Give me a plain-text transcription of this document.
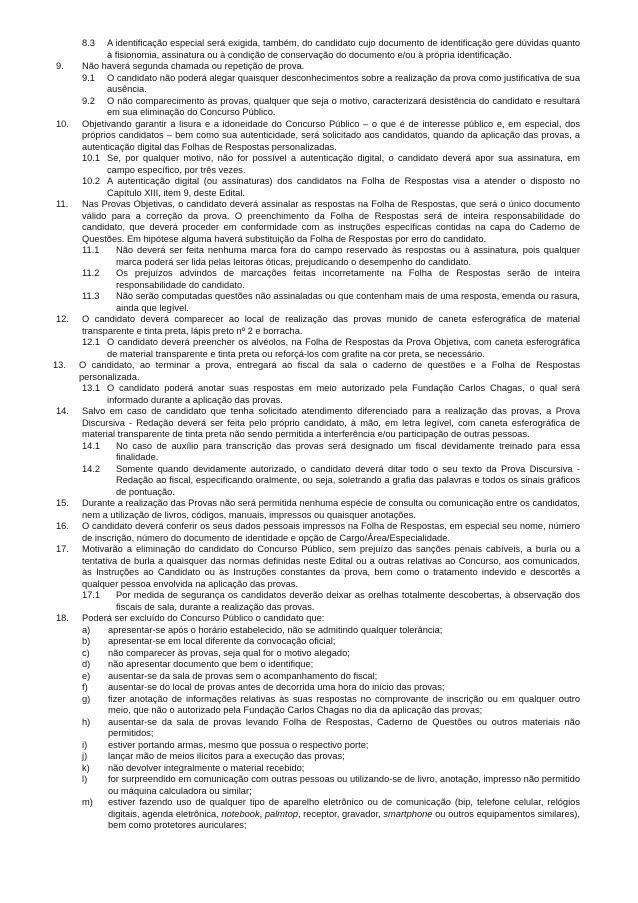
8.3	A identificação especial será exigida, também, do candidato cujo documento de identificação gere dúvidas quanto à fisionomia, assinatura ou à condição de conservação do documento e/ou à própria identificação.
9.	Não haverá segunda chamada ou repetição de prova.
9.1	O candidato não poderá alegar quaisquer desconhecimentos sobre a realização da prova como justificativa de sua ausência.
9.2	O não comparecimento às provas, qualquer que seja o motivo, caracterizará desistência do candidato e resultará em sua eliminação do Concurso Público.
10.	Objetivando garantir a lisura e a idoneidade do Concurso Público – o que é de interesse público e, em especial, dos próprios candidatos – bem como sua autenticidade, será solicitado aos candidatos, quando da aplicação das provas, a autenticação digital das Folhas de Respostas personalizadas.
10.1 Se, por qualquer motivo, não for possível a autenticação digital, o candidato deverá apor sua assinatura, em campo específico, por três vezes.
10.2 A autenticação digital (ou assinaturas) dos candidatos na Folha de Respostas visa a atender o disposto no Capítulo XIII, item 9, deste Edital.
11.	Nas Provas Objetivas, o candidato deverá assinalar as respostas na Folha de Respostas, que será o único documento válido para a correção da prova. O preenchimento da Folha de Respostas será de inteira responsabilidade do candidato, que deverá proceder em conformidade com as instruções específicas contidas na capa do Caderno de Questões. Em hipótese alguma haverá substituição da Folha de Respostas por erro do candidato.
11.1	Não deverá ser feita nenhuma marca fora do campo reservado às respostas ou à assinatura, pois qualquer marca poderá ser lida pelas leitoras óticas, prejudicando o desempenho do candidato.
11.2	Os prejuízos advindos de marcações feitas incorretamente na Folha de Respostas serão de inteira responsabilidade do candidato.
11.3	Não serão computadas questões não assinaladas ou que contenham mais de uma resposta, emenda ou rasura, ainda que legível.
12.	O candidato deverá comparecer ao local de realização das provas munido de caneta esferográfica de material transparente e tinta preta, lápis preto nº 2 e borracha.
12.1 O candidato deverá preencher os alvéolos, na Folha de Respostas da Prova Objetiva, com caneta esferográfica de material transparente e tinta preta ou reforçá-los com grafite na cor preta, se necessário.
13.	O candidato, ao terminar a prova, entregará ao fiscal da sala o caderno de questões e a Folha de Respostas personalizada.
13.1 O candidato poderá anotar suas respostas em meio autorizado pela Fundação Carlos Chagas, o qual será informado durante a aplicação das provas.
14.	Salvo em caso de candidato que tenha solicitado atendimento diferenciado para a realização das provas, a Prova Discursiva - Redação deverá ser feita pelo próprio candidato, à mão, em letra legível, com caneta esferográfica de material transparente de tinta preta não sendo permitida a interferência e/ou participação de outras pessoas.
14.1	No caso de auxílio para transcrição das provas será designado um fiscal devidamente treinado para essa finalidade.
14.2	Somente quando devidamente autorizado, o candidato deverá ditar todo o seu texto da Prova Discursiva - Redação ao fiscal, especificando oralmente, ou seja, soletrando a grafia das palavras e todos os sinais gráficos de pontuação.
15.	Durante a realização das Provas não será permitida nenhuma espécie de consulta ou comunicação entre os candidatos, nem a utilização de livros, códigos, manuais, impressos ou quaisquer anotações.
16.	O candidato deverá conferir os seus dados pessoais impressos na Folha de Respostas, em especial seu nome, número de inscrição, número do documento de identidade e opção de Cargo/Área/Especialidade.
17.	Motivarão a eliminação do candidato do Concurso Público, sem prejuízo das sanções penais cabíveis, a burla ou a tentativa de burla a quaisquer das normas definidas neste Edital ou a outras relativas ao Concurso, aos comunicados, às Instruções ao Candidato ou às Instruções constantes da prova, bem como o tratamento indevido e descortês a qualquer pessoa envolvida na aplicação das provas.
17.1	Por medida de segurança os candidatos deverão deixar as orelhas totalmente descobertas, à observação dos fiscais de sala, durante a realização das provas.
18.	Poderá ser excluído do Concurso Público o candidato que:
a)	apresentar-se após o horário estabelecido, não se admitindo qualquer tolerância;
b)	apresentar-se em local diferente da convocação oficial;
c)	não comparecer às provas, seja qual for o motivo alegado;
d)	não apresentar documento que bem o identifique;
e)	ausentar-se da sala de provas sem o acompanhamento do fiscal;
f)	ausentar-se do local de provas antes de decorrida uma hora do início das provas;
g)	fizer anotação de informações relativas às suas respostas no comprovante de inscrição ou em qualquer outro meio, que não o autorizado pela Fundação Carlos Chagas no dia da aplicação das provas;
h)	ausentar-se da sala de provas levando Folha de Respostas, Caderno de Questões ou outros materiais não permitidos;
i)	estiver portando armas, mesmo que possua o respectivo porte;
j)	lançar mão de meios ilícitos para a execução das provas;
k)	não devolver integralmente o material recebido;
l)	for surpreendido em comunicação com outras pessoas ou utilizando-se de livro, anotação, impresso não permitido ou máquina calculadora ou similar;
m)	estiver fazendo uso de qualquer tipo de aparelho eletrônico ou de comunicação (bip, telefone celular, relógios digitais, agenda eletrônica, notebook, palmtop, receptor, gravador, smartphone ou outros equipamentos similares), bem como protetores auriculares;
